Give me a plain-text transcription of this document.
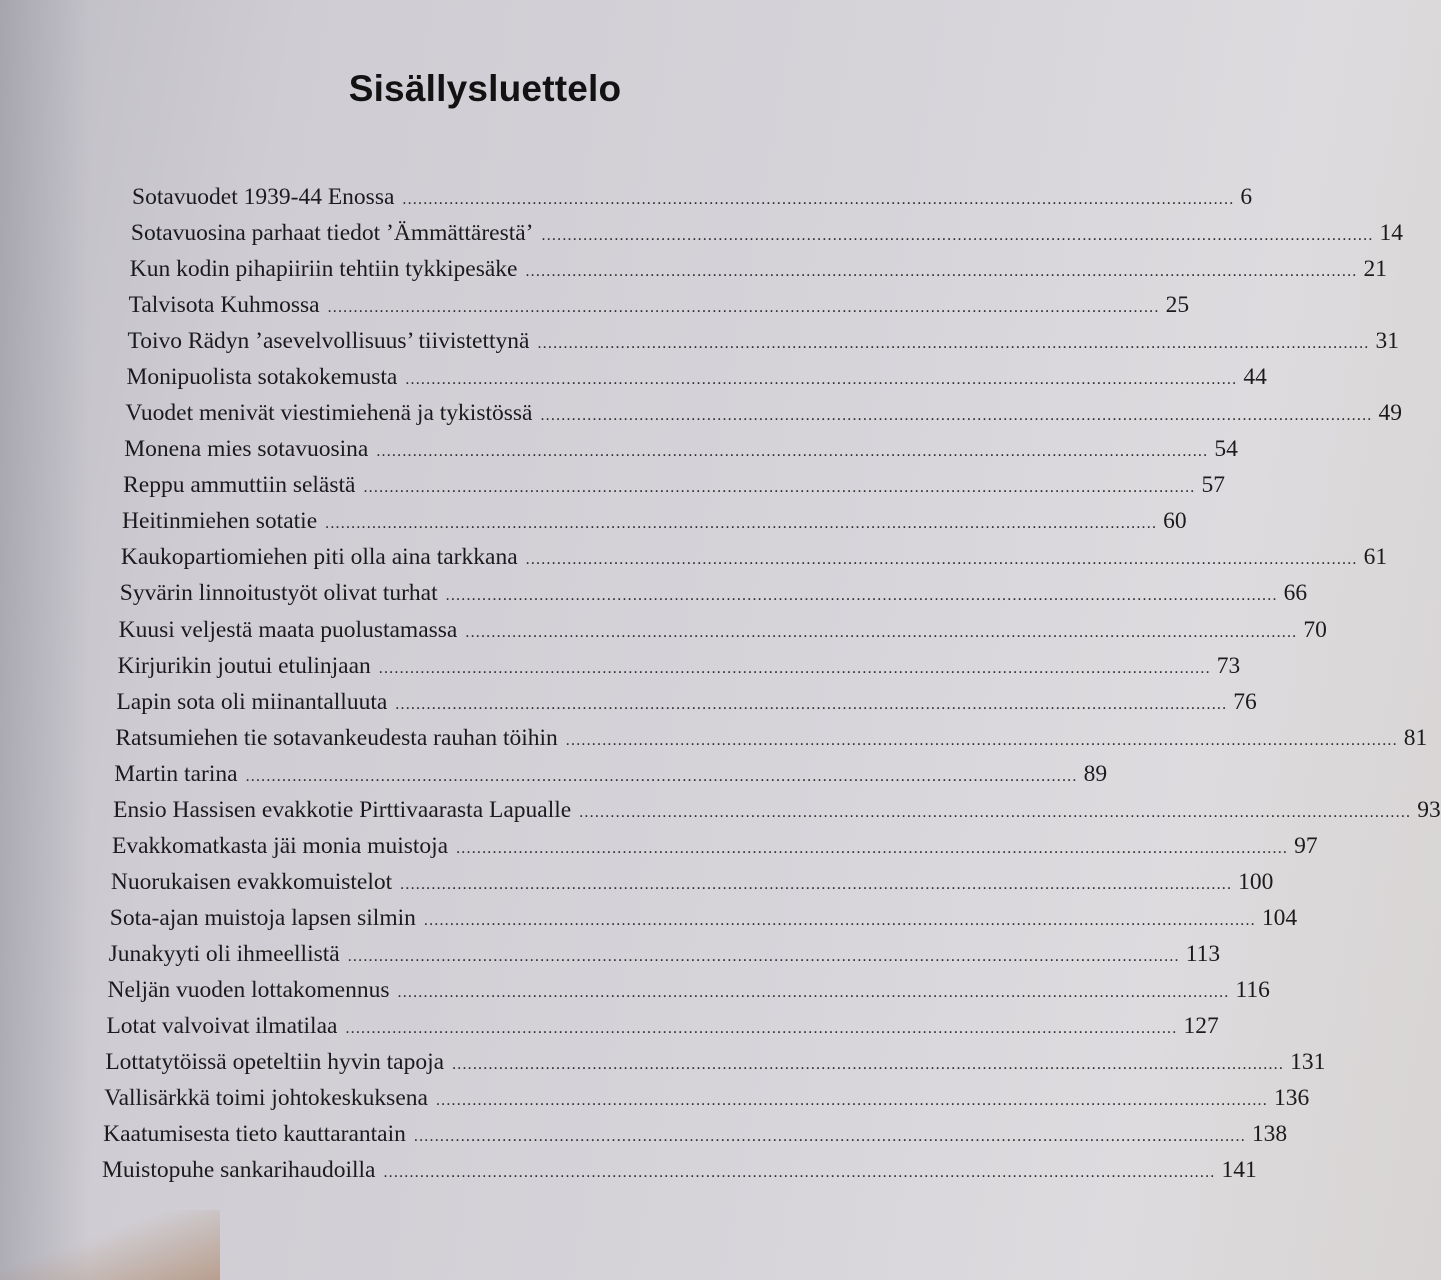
Sisällysluettelo
Sotavuodet 1939-44 Enossa ................................................................................................................................................................ 6
Sotavuosina parhaat tiedot ’Ämmättärestä’ ................................................................................................................................................................ 14
Kun kodin pihapiiriin tehtiin tykkipesäke ................................................................................................................................................................ 21
Talvisota Kuhmossa ................................................................................................................................................................ 25
Toivo Rädyn ’asevelvollisuus’ tiivistettynä ................................................................................................................................................................ 31
Monipuolista sotakokemusta ................................................................................................................................................................ 44
Vuodet menivät viestimiehenä ja tykistössä ................................................................................................................................................................ 49
Monena mies sotavuosina ................................................................................................................................................................ 54
Reppu ammuttiin selästä ................................................................................................................................................................ 57
Heitinmiehen sotatie ................................................................................................................................................................ 60
Kaukopartiomiehen piti olla aina tarkkana ................................................................................................................................................................ 61
Syvärin linnoitustyöt olivat turhat ................................................................................................................................................................ 66
Kuusi veljestä maata puolustamassa ................................................................................................................................................................ 70
Kirjurikin joutui etulinjaan ................................................................................................................................................................ 73
Lapin sota oli miinantalluuta ................................................................................................................................................................ 76
Ratsumiehen tie sotavankeudesta rauhan töihin ................................................................................................................................................................ 81
Martin tarina ................................................................................................................................................................ 89
Ensio Hassisen evakkotie Pirttivaarasta Lapualle ................................................................................................................................................................ 93
Evakkomatkasta jäi monia muistoja ................................................................................................................................................................ 97
Nuorukaisen evakkomuistelot ................................................................................................................................................................ 100
Sota-ajan muistoja lapsen silmin ................................................................................................................................................................ 104
Junakyyti oli ihmeellistä ................................................................................................................................................................ 113
Neljän vuoden lottakomennus ................................................................................................................................................................ 116
Lotat valvoivat ilmatilaa ................................................................................................................................................................ 127
Lottatytöissä opeteltiin hyvin tapoja ................................................................................................................................................................ 131
Vallisärkkä toimi johtokeskuksena ................................................................................................................................................................ 136
Kaatumisesta tieto kauttarantain ................................................................................................................................................................ 138
Muistopuhe sankarihaudoilla ................................................................................................................................................................ 141
